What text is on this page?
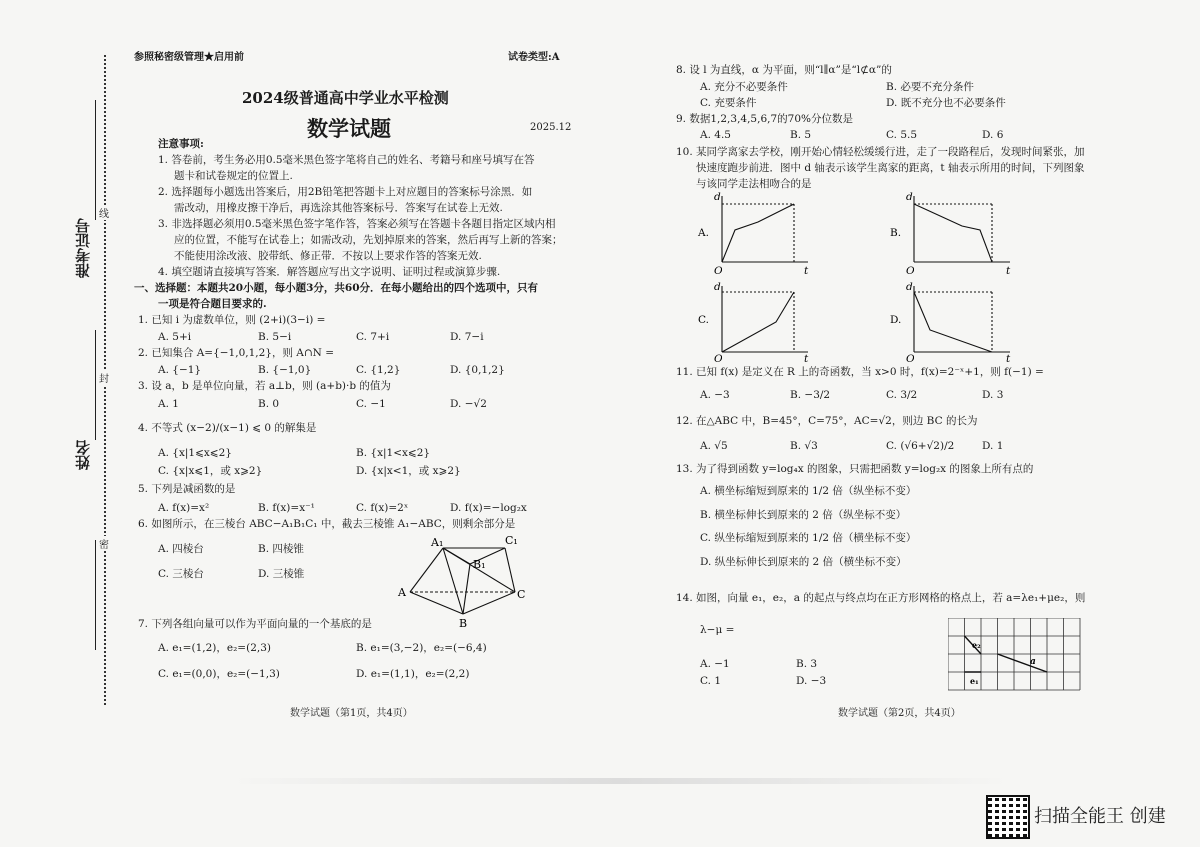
准考证号
姓名
线
封
密
参照秘密级管理★启用前	试卷类型:A
2024级普通高中学业水平检测
数学试题	2025.12
注意事项:
1. 答卷前，考生务必用0.5毫米黑色签字笔将自己的姓名、考籍号和座号填写在答
题卡和试卷规定的位置上.
2. 选择题每小题选出答案后，用2B铅笔把答题卡上对应题目的答案标号涂黑．如
需改动，用橡皮擦干净后，再选涂其他答案标号．答案写在试卷上无效.
3. 非选择题必须用0.5毫米黑色签字笔作答，答案必须写在答题卡各题目指定区域内相
应的位置，不能写在试卷上；如需改动，先划掉原来的答案，然后再写上新的答案；
不能使用涂改液、胶带纸、修正带．不按以上要求作答的答案无效.
4. 填空题请直接填写答案．解答题应写出文字说明、证明过程或演算步骤.
一、选择题：本题共20小题，每小题3分，共60分．在每小题给出的四个选项中，只有
一项是符合题目要求的.
1. 已知 i 为虚数单位，则 (2+i)(3−i) =
A. 5+i	B. 5−i	C. 7+i	D. 7−i
2. 已知集合 A={−1,0,1,2}，则 A∩N =
A. {−1}	B. {−1,0}	C. {1,2}	D. {0,1,2}
3. 设 a，b 是单位向量，若 a⊥b，则 (a+b)·b 的值为
A. 1	B. 0	C. −1	D. −√2
4. 不等式 (x−2)/(x−1) ⩽ 0 的解集是
A. {x|1⩽x⩽2}	B. {x|1<x⩽2}
C. {x|x⩽1，或 x⩾2}	D. {x|x<1，或 x⩾2}
5. 下列是减函数的是
A. f(x)=x²	B. f(x)=x⁻¹	C. f(x)=2ˣ	D. f(x)=−log₂x
6. 如图所示，在三棱台 ABC−A₁B₁C₁ 中，截去三棱锥 A₁−ABC，则剩余部分是
A. 四棱台	B. 四棱锥
C. 三棱台	D. 三棱锥
7. 下列各组向量可以作为平面向量的一个基底的是
A. e₁=(1,2)，e₂=(2,3)	B. e₁=(3,−2)，e₂=(−6,4)
C. e₁=(0,0)，e₂=(−1,3)	D. e₁=(1,1)，e₂=(2,2)
A₁	C₁
B₁
A
B
C
数学试题（第1页，共4页）
8. 设 l 为直线，α 为平面，则“l∥α”是“l⊄α”的
A. 充分不必要条件	B. 必要不充分条件
C. 充要条件	D. 既不充分也不必要条件
9. 数据1,2,3,4,5,6,7的70%分位数是
A. 4.5	B. 5	C. 5.5	D. 6
10. 某同学离家去学校，刚开始心情轻松缓缓行进，走了一段路程后，发现时间紧张，加
快速度跑步前进．图中 d 轴表示该学生离家的距离，t 轴表示所用的时间，下列图象
与该同学走法相吻合的是
11. 已知 f(x) 是定义在 R 上的奇函数，当 x>0 时，f(x)=2⁻ˣ+1，则 f(−1) =
A. −3	B. −3/2	C. 3/2	D. 3
12. 在△ABC 中，B=45°，C=75°，AC=√2，则边 BC 的长为
A. √5	B. √3	C. (√6+√2)/2	D. 1
13. 为了得到函数 y=log₄x 的图象，只需把函数 y=log₂x 的图象上所有点的
A. 横坐标缩短到原来的 1/2 倍（纵坐标不变）
B. 横坐标伸长到原来的 2 倍（纵坐标不变）
C. 纵坐标缩短到原来的 1/2 倍（横坐标不变）
D. 纵坐标伸长到原来的 2 倍（横坐标不变）
14. 如图，向量 e₁，e₂，a 的起点与终点均在正方形网格的格点上，若 a=λe₁+μe₂，则
λ−μ =
A. −1	B. 3
C. 1	D. −3
A.	B.
C.	D.
d	d
d	d
t	t
t	t
O	O
O	O
e₂
e₁
a
数学试题（第2页，共4页）
扫描全能王 创建
